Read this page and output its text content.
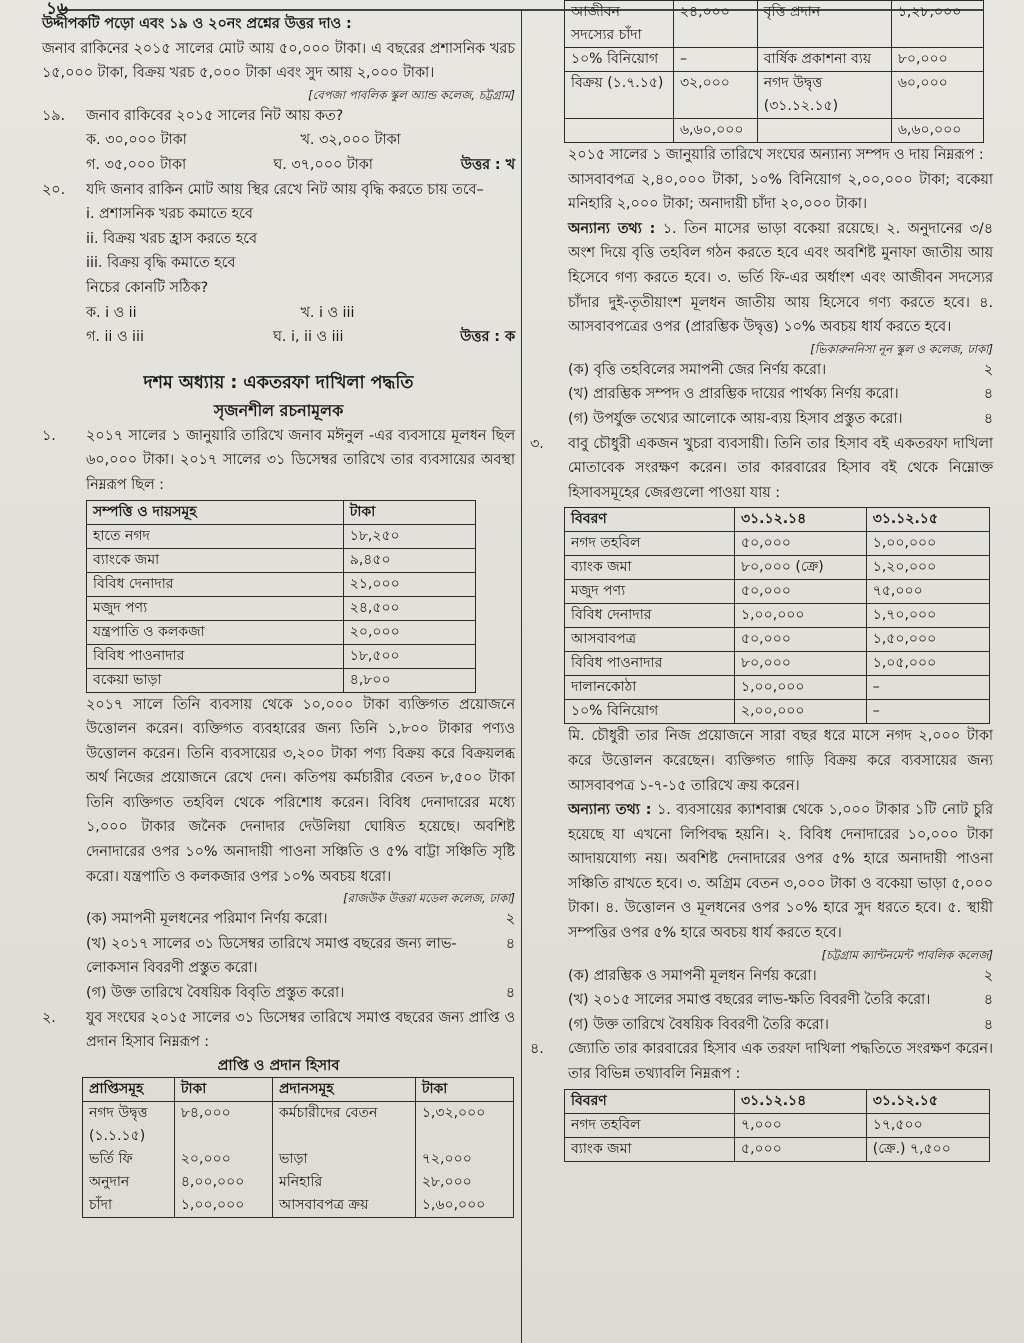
১৬

উদ্দীপকটি পড়ো এবং ১৯ ও ২০নং প্রশ্নের উত্তর দাও :

জনাব রাকিনের ২০১৫ সালের মোট আয় ৫০,০০০ টাকা। এ বছরের প্রশাসনিক খরচ ১৫,০০০ টাকা, বিক্রয় খরচ ৫,০০০ টাকা এবং সুদ আয় ২,০০০ টাকা।

[বেপজা পাবলিক স্কুল অ্যান্ড কলেজ, চট্টগ্রাম]

১৯.	জনাব রাকিবের ২০১৫ সালের নিট আয় কত?
ক. ৩০,০০০ টাকা	খ. ৩২,০০০ টাকা
গ. ৩৫,০০০ টাকা	ঘ. ৩৭,০০০ টাকা	উত্তর : খ
২০.	যদি জনাব রাকিন মোট আয় স্থির রেখে নিট আয় বৃদ্ধি করতে চায় তবে–

i. প্রশাসনিক খরচ কমাতে হবে

ii. বিক্রয় খরচ হ্রাস করতে হবে

iii. বিক্রয় বৃদ্ধি কমাতে হবে

নিচের কোনটি সঠিক?

ক. i ও ii	খ. i ও iii
গ. ii ও iii	ঘ. i, ii ও iii	উত্তর : ক
দশম অধ্যায় : একতরফা দাখিলা পদ্ধতি
সৃজনশীল রচনামূলক
১.	২০১৭ সালের ১ জানুয়ারি তারিখে জনাব মঈনুল -এর ব্যবসায়ে মূলধন ছিল ৬০,০০০ টাকা। ২০১৭ সালের ৩১ ডিসেম্বর তারিখে তার ব্যবসায়ের অবস্থা নিম্নরূপ ছিল :
সম্পত্তি ও দায়সমূহ	টাকা
হাতে নগদ	১৮,২৫০
ব্যাংকে জমা	৯,৪৫০
বিবিধ দেনাদার	২১,০০০
মজুদ পণ্য	২৪,৫০০
যন্ত্রপাতি ও কলকজা	২০,০০০
বিবিধ পাওনাদার	১৮,৫০০
বকেয়া ভাড়া	৪,৮০০

২০১৭ সালে তিনি ব্যবসায় থেকে ১০,০০০ টাকা ব্যক্তিগত প্রয়োজনে উত্তোলন করেন। ব্যক্তিগত ব্যবহারের জন্য তিনি ১,৮০০ টাকার পণ্যও উত্তোলন করেন। তিনি ব্যবসায়ের ৩,২০০ টাকা পণ্য বিক্রয় করে বিক্রয়লব্ধ অর্থ নিজের প্রয়োজনে রেখে দেন। কতিপয় কর্মচারীর বেতন ৮,৫০০ টাকা তিনি ব্যক্তিগত তহবিল থেকে পরিশোধ করেন। বিবিধ দেনাদারের মধ্যে ১,০০০ টাকার জনৈক দেনাদার দেউলিয়া ঘোষিত হয়েছে। অবশিষ্ট দেনাদারের ওপর ১০% অনাদায়ী পাওনা সঞ্চিতি ও ৫% বাট্টা সঞ্চিতি সৃষ্টি করো। যন্ত্রপাতি ও কলকজার ওপর ১০% অবচয় ধরো।

[রাজউক উত্তরা মডেল কলেজ, ঢাকা]

(ক) সমাপনী মূলধনের পরিমাণ নির্ণয় করো।	২
(খ) ২০১৭ সালের ৩১ ডিসেম্বর তারিখে সমাপ্ত বছরের জন্য লাভ-লোকসান বিবরণী প্রস্তুত করো।
৪
(গ) উক্ত তারিখে বৈষয়িক বিবৃতি প্রস্তুত করো।	৪
২.	যুব সংঘের ২০১৫ সালের ৩১ ডিসেম্বর তারিখে সমাপ্ত বছরের জন্য প্রাপ্তি ও প্রদান হিসাব নিম্নরূপ :
প্রাপ্তি ও প্রদান হিসাব
প্রাপ্তিসমূহ	টাকা	প্রদানসমূহ	টাকা
নগদ উদ্বৃত্ত	৮৪,০০০	কর্মচারীদের বেতন	১,৩২,০০০
(১.১.১৫)			
ভর্তি ফি	২০,০০০	ভাড়া	৭২,০০০
অনুদান	৪,০০,০০০	মনিহারি	২৮,০০০
চাঁদা	১,০০,০০০	আসবাবপত্র ক্রয়	১,৬০,০০০
আজীবন সদস্যের চাঁদা	২৪,০০০	বৃত্তি প্রদান	১,২৮,০০০
১০% বিনিয়োগ	–	বার্ষিক প্রকাশনা ব্যয়	৮০,০০০
বিক্রয় (১.৭.১৫)	৩২,০০০	নগদ উদ্বৃত্ত (৩১.১২.১৫)	৬০,০০০
	৬,৬০,০০০		৬,৬০,০০০

২০১৫ সালের ১ জানুয়ারি তারিখে সংঘের অন্যান্য সম্পদ ও দায় নিম্নরূপ :

আসবাবপত্র ২,৪০,০০০ টাকা, ১০% বিনিয়োগ ২,০০,০০০ টাকা; বকেয়া মনিহারি ২,০০০ টাকা; অনাদায়ী চাঁদা ২০,০০০ টাকা।

অন্যান্য তথ্য : ১. তিন মাসের ভাড়া বকেয়া রয়েছে। ২. অনুদানের ৩/৪ অংশ দিয়ে বৃত্তি তহবিল গঠন করতে হবে এবং অবশিষ্ট মুনাফা জাতীয় আয় হিসেবে গণ্য করতে হবে। ৩. ভর্তি ফি-এর অর্ধাংশ এবং আজীবন সদস্যের চাঁদার দুই-তৃতীয়াংশ মূলধন জাতীয় আয় হিসেবে গণ্য করতে হবে। ৪. আসবাবপত্রের ওপর (প্রারম্ভিক উদ্বৃত্ত) ১০% অবচয় ধার্য করতে হবে।

[ভিকারুননিসা নূন স্কুল ও কলেজ, ঢাকা]

(ক) বৃত্তি তহবিলের সমাপনী জের নির্ণয় করো।	২
(খ) প্রারম্ভিক সম্পদ ও প্রারম্ভিক দায়ের পার্থক্য নির্ণয় করো।	৪
(গ) উপর্যুক্ত তথ্যের আলোকে আয়-ব্যয় হিসাব প্রস্তুত করো।	৪
৩.	বাবু চৌধুরী একজন খুচরা ব্যবসায়ী। তিনি তার হিসাব বই একতরফা দাখিলা মোতাবেক সংরক্ষণ করেন। তার কারবারের হিসাব বই থেকে নিম্নোক্ত হিসাবসমূহের জেরগুলো পাওয়া যায় :
বিবরণ	৩১.১২.১৪	৩১.১২.১৫
নগদ তহবিল	৫০,০০০	১,০০,০০০
ব্যাংক জমা	৮০,০০০ (ক্রে)	১,২০,০০০
মজুদ পণ্য	৫০,০০০	৭৫,০০০
বিবিধ দেনাদার	১,০০,০০০	১,৭০,০০০
আসবাবপত্র	৫০,০০০	১,৫০,০০০
বিবিধ পাওনাদার	৮০,০০০	১,০৫,০০০
দালানকোঠা	১,০০,০০০	–
১০% বিনিয়োগ	২,০০,০০০	–

মি. চৌধুরী তার নিজ প্রয়োজনে সারা বছর ধরে মাসে নগদ ২,০০০ টাকা করে উত্তোলন করেছেন। ব্যক্তিগত গাড়ি বিক্রয় করে ব্যবসায়ের জন্য আসবাবপত্র ১-৭-১৫ তারিখে ক্রয় করেন।

অন্যান্য তথ্য : ১. ব্যবসায়ের ক্যাশবাক্স থেকে ১,০০০ টাকার ১টি নোট চুরি হয়েছে যা এখনো লিপিবদ্ধ হয়নি। ২. বিবিধ দেনাদারের ১০,০০০ টাকা আদায়যোগ্য নয়। অবশিষ্ট দেনাদারের ওপর ৫% হারে অনাদায়ী পাওনা সঞ্চিতি রাখতে হবে। ৩. অগ্রিম বেতন ৩,০০০ টাকা ও বকেয়া ভাড়া ৫,০০০ টাকা। ৪. উত্তোলন ও মূলধনের ওপর ১০% হারে সুদ ধরতে হবে। ৫. স্থায়ী সম্পত্তির ওপর ৫% হারে অবচয় ধার্য করতে হবে।

[চট্টগ্রাম ক্যান্টনমেন্ট পাবলিক কলেজ]

(ক) প্রারম্ভিক ও সমাপনী মূলধন নির্ণয় করো।	২
(খ) ২০১৫ সালের সমাপ্ত বছরের লাভ-ক্ষতি বিবরণী তৈরি করো।	৪
(গ) উক্ত তারিখে বৈষয়িক বিবরণী তৈরি করো।	৪
৪.	জ্যোতি তার কারবারের হিসাব এক তরফা দাখিলা পদ্ধতিতে সংরক্ষণ করেন। তার বিভিন্ন তথ্যাবলি নিম্নরূপ :
বিবরণ	৩১.১২.১৪	৩১.১২.১৫
নগদ তহবিল	৭,০০০	১৭,৫০০
ব্যাংক জমা	৫,০০০	(ক্রে.) ৭,৫০০
